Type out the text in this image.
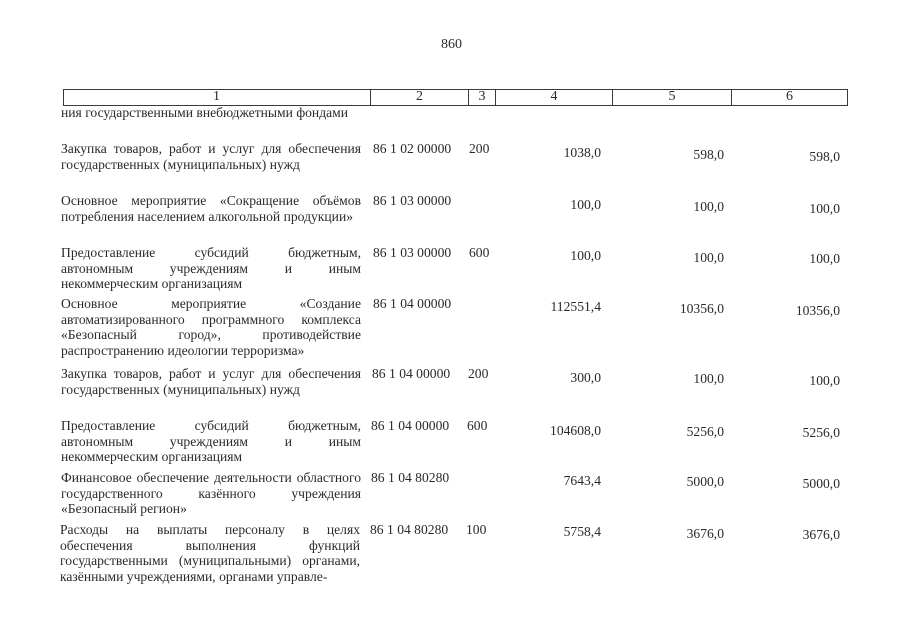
860
1	2	3	4	5	6
ния государственными внебюджетными фондами
Закупка товаров, работ и услуг для обеспечения государственных (муниципальных) нужд
86 1 02 00000 200	1038,0	598,0	598,0
Основное мероприятие «Сокращение объёмов потребления населением алкогольной продукции»
86 1 03 00000	100,0	100,0	100,0
Предоставление субсидий бюджетным, автономным учреждениям и иным некоммерческим организациям
86 1 03 00000 600	100,0	100,0	100,0
Основное мероприятие «Создание автоматизированного программного комплекса «Безопасный город», противодействие распространению идеологии терроризма»
86 1 04 00000	112551,4	10356,0	10356,0
Закупка товаров, работ и услуг для обеспечения государственных (муниципальных) нужд
86 1 04 00000 200	300,0	100,0	100,0
Предоставление субсидий бюджетным, автономным учреждениям и иным некоммерческим организациям
86 1 04 00000 600	104608,0	5256,0	5256,0
Финансовое обеспечение деятельности областного государственного казённого учреждения «Безопасный регион»
86 1 04 80280	7643,4	5000,0	5000,0
Расходы на выплаты персоналу в целях обеспечения выполнения функций государственными (муниципальными) органами, казёнными учреждениями, органами управле-
86 1 04 80280 100	5758,4	3676,0	3676,0
